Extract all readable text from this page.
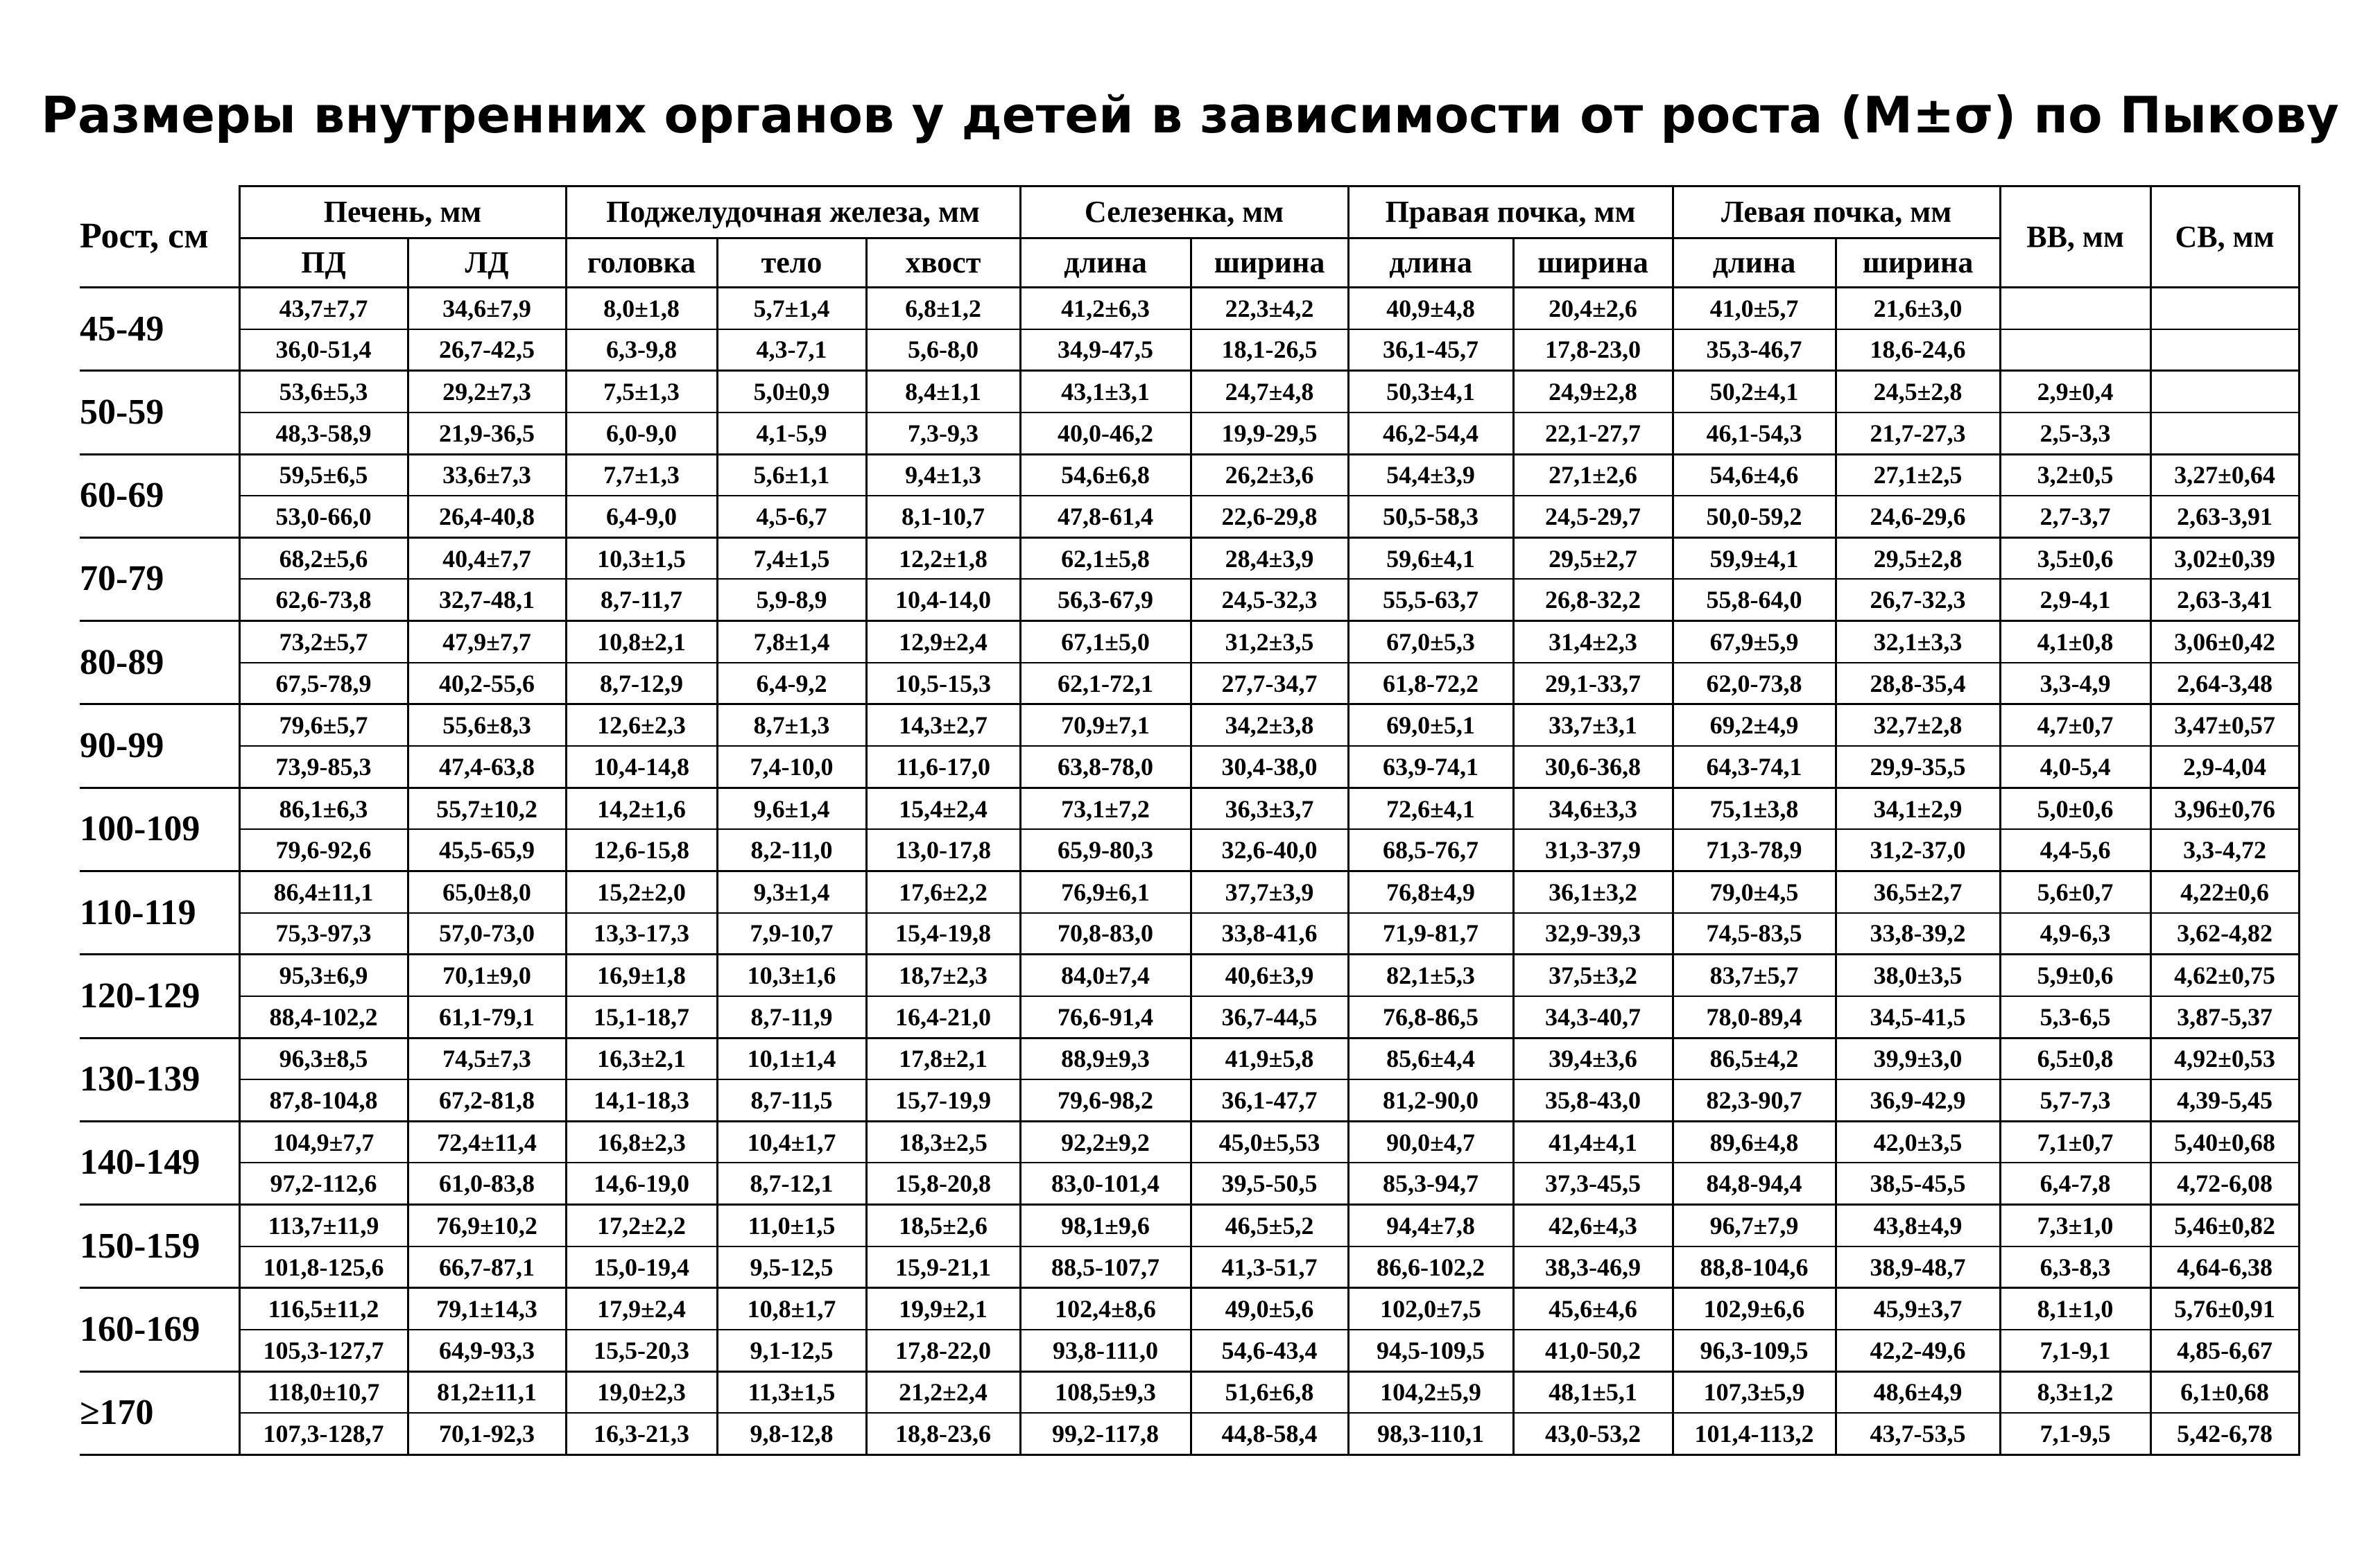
Размеры внутренних органов у детей в зависимости от роста (M±σ) по Пыкову
Рост, см	Печень, мм		Поджелудочная железа, мм			Селезенка, мм		Правая почка, мм		Левая почка, мм		ВВ, мм	СВ, мм
	ПД	ЛД	головка	тело	хвост	длина	ширина	длина	ширина	длина	ширина		
45-49	43,7±7,7	34,6±7,9	8,0±1,8	5,7±1,4	6,8±1,2	41,2±6,3	22,3±4,2	40,9±4,8	20,4±2,6	41,0±5,7	21,6±3,0		
	36,0-51,4	26,7-42,5	6,3-9,8	4,3-7,1	5,6-8,0	34,9-47,5	18,1-26,5	36,1-45,7	17,8-23,0	35,3-46,7	18,6-24,6		
50-59	53,6±5,3	29,2±7,3	7,5±1,3	5,0±0,9	8,4±1,1	43,1±3,1	24,7±4,8	50,3±4,1	24,9±2,8	50,2±4,1	24,5±2,8	2,9±0,4	
	48,3-58,9	21,9-36,5	6,0-9,0	4,1-5,9	7,3-9,3	40,0-46,2	19,9-29,5	46,2-54,4	22,1-27,7	46,1-54,3	21,7-27,3	2,5-3,3	
60-69	59,5±6,5	33,6±7,3	7,7±1,3	5,6±1,1	9,4±1,3	54,6±6,8	26,2±3,6	54,4±3,9	27,1±2,6	54,6±4,6	27,1±2,5	3,2±0,5	3,27±0,64
	53,0-66,0	26,4-40,8	6,4-9,0	4,5-6,7	8,1-10,7	47,8-61,4	22,6-29,8	50,5-58,3	24,5-29,7	50,0-59,2	24,6-29,6	2,7-3,7	2,63-3,91
70-79	68,2±5,6	40,4±7,7	10,3±1,5	7,4±1,5	12,2±1,8	62,1±5,8	28,4±3,9	59,6±4,1	29,5±2,7	59,9±4,1	29,5±2,8	3,5±0,6	3,02±0,39
	62,6-73,8	32,7-48,1	8,7-11,7	5,9-8,9	10,4-14,0	56,3-67,9	24,5-32,3	55,5-63,7	26,8-32,2	55,8-64,0	26,7-32,3	2,9-4,1	2,63-3,41
80-89	73,2±5,7	47,9±7,7	10,8±2,1	7,8±1,4	12,9±2,4	67,1±5,0	31,2±3,5	67,0±5,3	31,4±2,3	67,9±5,9	32,1±3,3	4,1±0,8	3,06±0,42
	67,5-78,9	40,2-55,6	8,7-12,9	6,4-9,2	10,5-15,3	62,1-72,1	27,7-34,7	61,8-72,2	29,1-33,7	62,0-73,8	28,8-35,4	3,3-4,9	2,64-3,48
90-99	79,6±5,7	55,6±8,3	12,6±2,3	8,7±1,3	14,3±2,7	70,9±7,1	34,2±3,8	69,0±5,1	33,7±3,1	69,2±4,9	32,7±2,8	4,7±0,7	3,47±0,57
	73,9-85,3	47,4-63,8	10,4-14,8	7,4-10,0	11,6-17,0	63,8-78,0	30,4-38,0	63,9-74,1	30,6-36,8	64,3-74,1	29,9-35,5	4,0-5,4	2,9-4,04
100-109	86,1±6,3	55,7±10,2	14,2±1,6	9,6±1,4	15,4±2,4	73,1±7,2	36,3±3,7	72,6±4,1	34,6±3,3	75,1±3,8	34,1±2,9	5,0±0,6	3,96±0,76
	79,6-92,6	45,5-65,9	12,6-15,8	8,2-11,0	13,0-17,8	65,9-80,3	32,6-40,0	68,5-76,7	31,3-37,9	71,3-78,9	31,2-37,0	4,4-5,6	3,3-4,72
110-119	86,4±11,1	65,0±8,0	15,2±2,0	9,3±1,4	17,6±2,2	76,9±6,1	37,7±3,9	76,8±4,9	36,1±3,2	79,0±4,5	36,5±2,7	5,6±0,7	4,22±0,6
	75,3-97,3	57,0-73,0	13,3-17,3	7,9-10,7	15,4-19,8	70,8-83,0	33,8-41,6	71,9-81,7	32,9-39,3	74,5-83,5	33,8-39,2	4,9-6,3	3,62-4,82
120-129	95,3±6,9	70,1±9,0	16,9±1,8	10,3±1,6	18,7±2,3	84,0±7,4	40,6±3,9	82,1±5,3	37,5±3,2	83,7±5,7	38,0±3,5	5,9±0,6	4,62±0,75
	88,4-102,2	61,1-79,1	15,1-18,7	8,7-11,9	16,4-21,0	76,6-91,4	36,7-44,5	76,8-86,5	34,3-40,7	78,0-89,4	34,5-41,5	5,3-6,5	3,87-5,37
130-139	96,3±8,5	74,5±7,3	16,3±2,1	10,1±1,4	17,8±2,1	88,9±9,3	41,9±5,8	85,6±4,4	39,4±3,6	86,5±4,2	39,9±3,0	6,5±0,8	4,92±0,53
	87,8-104,8	67,2-81,8	14,1-18,3	8,7-11,5	15,7-19,9	79,6-98,2	36,1-47,7	81,2-90,0	35,8-43,0	82,3-90,7	36,9-42,9	5,7-7,3	4,39-5,45
140-149	104,9±7,7	72,4±11,4	16,8±2,3	10,4±1,7	18,3±2,5	92,2±9,2	45,0±5,53	90,0±4,7	41,4±4,1	89,6±4,8	42,0±3,5	7,1±0,7	5,40±0,68
	97,2-112,6	61,0-83,8	14,6-19,0	8,7-12,1	15,8-20,8	83,0-101,4	39,5-50,5	85,3-94,7	37,3-45,5	84,8-94,4	38,5-45,5	6,4-7,8	4,72-6,08
150-159	113,7±11,9	76,9±10,2	17,2±2,2	11,0±1,5	18,5±2,6	98,1±9,6	46,5±5,2	94,4±7,8	42,6±4,3	96,7±7,9	43,8±4,9	7,3±1,0	5,46±0,82
	101,8-125,6	66,7-87,1	15,0-19,4	9,5-12,5	15,9-21,1	88,5-107,7	41,3-51,7	86,6-102,2	38,3-46,9	88,8-104,6	38,9-48,7	6,3-8,3	4,64-6,38
160-169	116,5±11,2	79,1±14,3	17,9±2,4	10,8±1,7	19,9±2,1	102,4±8,6	49,0±5,6	102,0±7,5	45,6±4,6	102,9±6,6	45,9±3,7	8,1±1,0	5,76±0,91
	105,3-127,7	64,9-93,3	15,5-20,3	9,1-12,5	17,8-22,0	93,8-111,0	54,6-43,4	94,5-109,5	41,0-50,2	96,3-109,5	42,2-49,6	7,1-9,1	4,85-6,67
≥170	118,0±10,7	81,2±11,1	19,0±2,3	11,3±1,5	21,2±2,4	108,5±9,3	51,6±6,8	104,2±5,9	48,1±5,1	107,3±5,9	48,6±4,9	8,3±1,2	6,1±0,68
	107,3-128,7	70,1-92,3	16,3-21,3	9,8-12,8	18,8-23,6	99,2-117,8	44,8-58,4	98,3-110,1	43,0-53,2	101,4-113,2	43,7-53,5	7,1-9,5	5,42-6,78
